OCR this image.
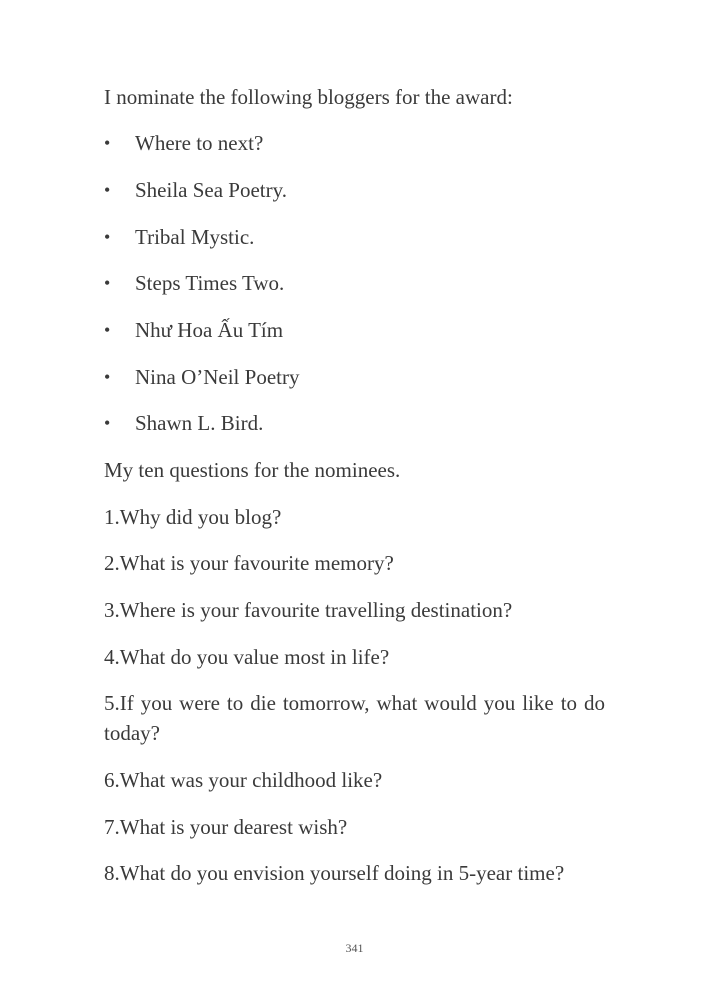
I nominate the following bloggers for the award:
• Where to next?
• Sheila Sea Poetry.
• Tribal Mystic.
• Steps Times Two.
• Như Hoa Ấu Tím
• Nina O’Neil Poetry
• Shawn L. Bird.
My ten questions for the nominees.
1.Why did you blog?
2.What is your favourite memory?
3.Where is your favourite travelling destination?
4.What do you value most in life?
5.If you were to die tomorrow, what would you like to do today?
6.What was your childhood like?
7.What is your dearest wish?
8.What do you envision yourself doing in 5-year time?
341
